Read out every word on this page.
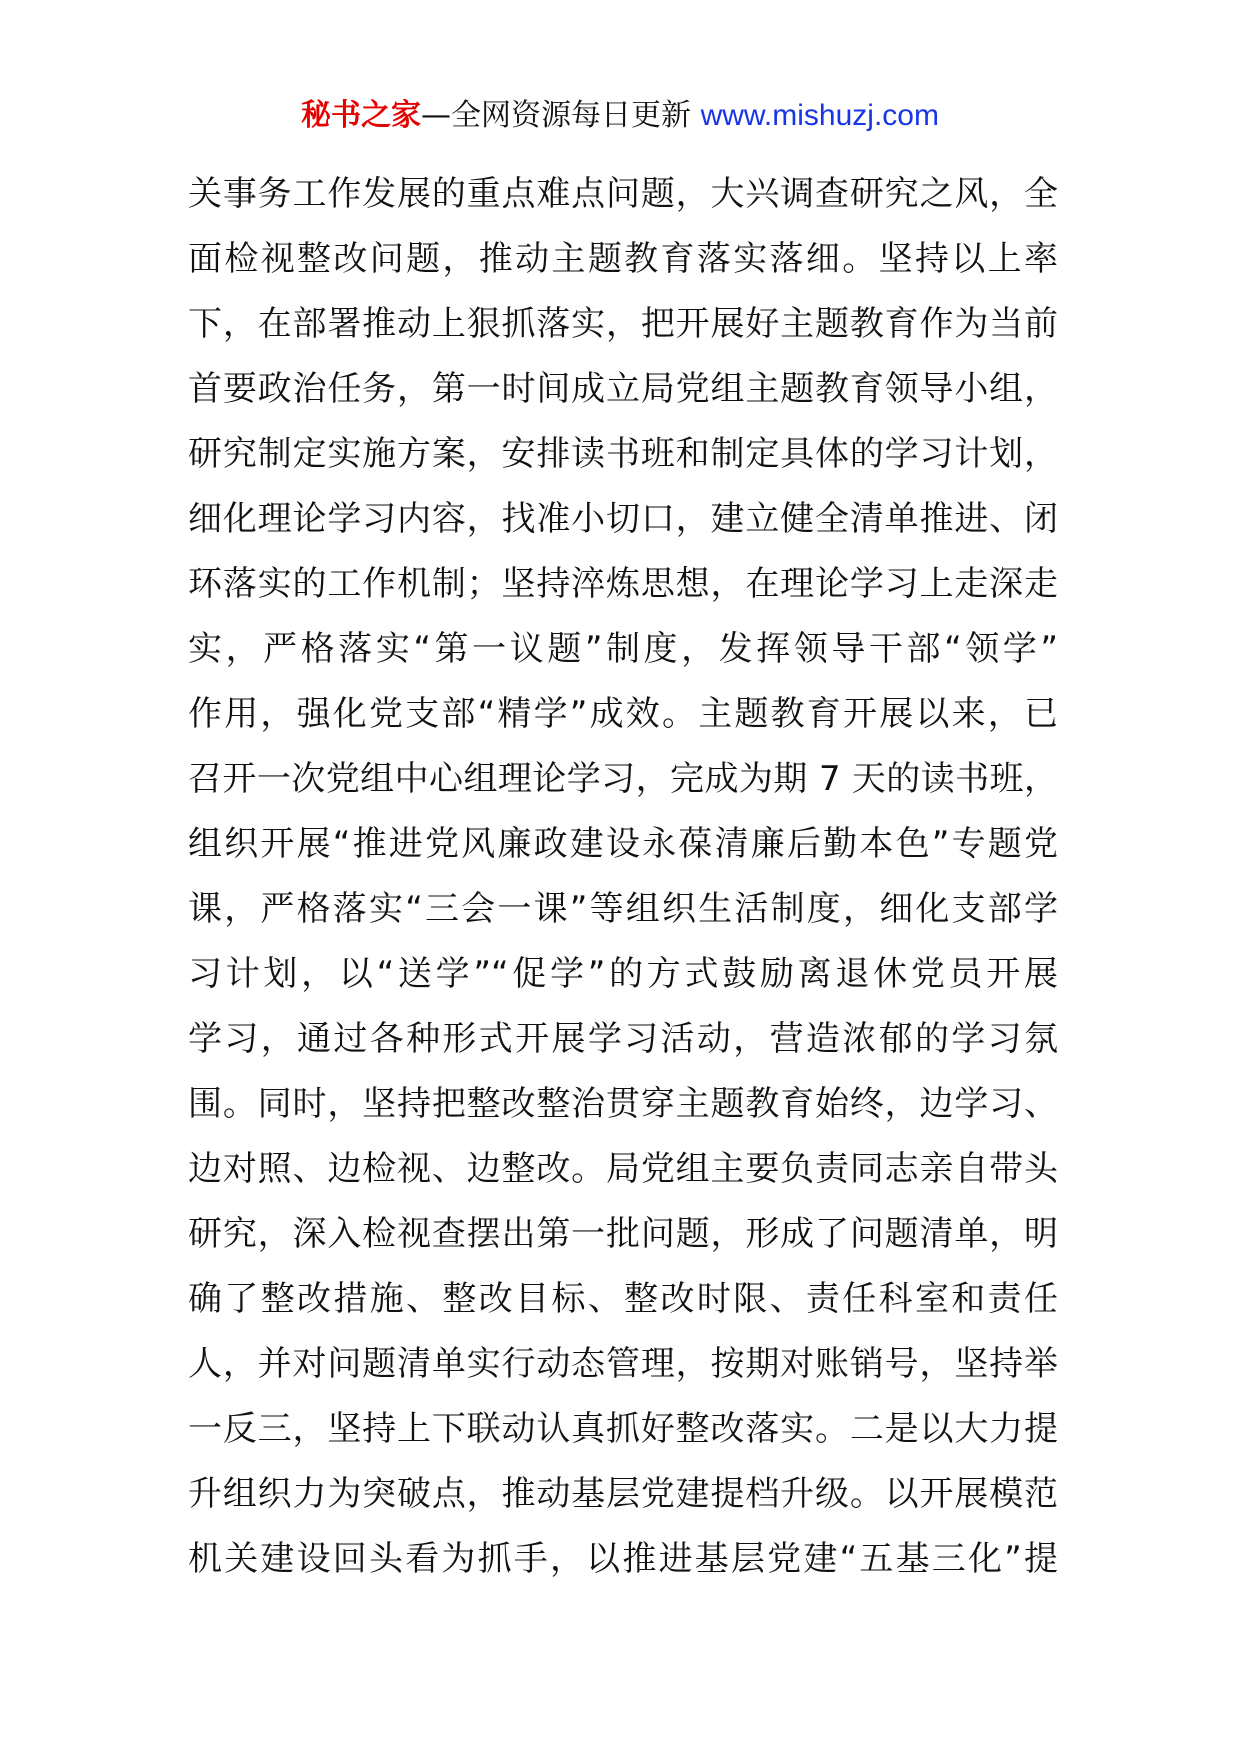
秘书之家—全网资源每日更新 www.mishuzj.com
关事务工作发展的重点难点问题，大兴调查研究之风，全
面检视整改问题，推动主题教育落实落细。坚持以上率
下，在部署推动上狠抓落实，把开展好主题教育作为当前
首要政治任务，第一时间成立局党组主题教育领导小组，
研究制定实施方案，安排读书班和制定具体的学习计划，
细化理论学习内容，找准小切口，建立健全清单推进、闭
环落实的工作机制；坚持淬炼思想，在理论学习上走深走
实，严格落实“第一议题”制度，发挥领导干部“领学”
作用，强化党支部“精学”成效。主题教育开展以来，已
召开一次党组中心组理论学习，完成为期 7 天的读书班，
组织开展“推进党风廉政建设永葆清廉后勤本色”专题党
课，严格落实“三会一课”等组织生活制度，细化支部学
习计划，以“送学”“促学”的方式鼓励离退休党员开展
学习，通过各种形式开展学习活动，营造浓郁的学习氛
围。同时，坚持把整改整治贯穿主题教育始终，边学习、
边对照、边检视、边整改。局党组主要负责同志亲自带头
研究，深入检视查摆出第一批问题，形成了问题清单，明
确了整改措施、整改目标、整改时限、责任科室和责任
人，并对问题清单实行动态管理，按期对账销号，坚持举
一反三，坚持上下联动认真抓好整改落实。二是以大力提
升组织力为突破点，推动基层党建提档升级。以开展模范
机关建设回头看为抓手，以推进基层党建“五基三化”提
